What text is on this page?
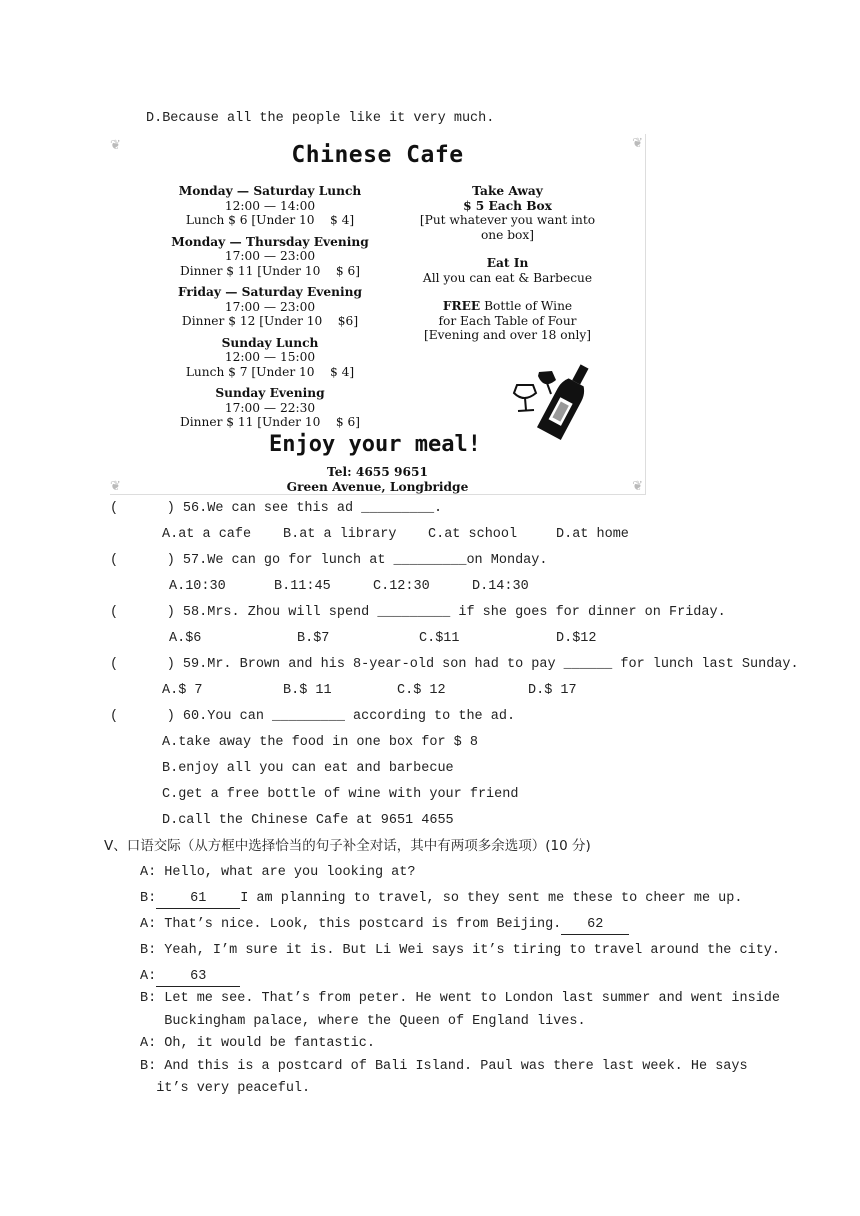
D.Because all the people like it very much.
❦	❦
❦	❦
Chinese Cafe
Monday — Saturday Lunch
12:00 — 14:00
Lunch $ 6 [Under 10    $ 4]
Monday — Thursday Evening
17:00 — 23:00
Dinner $ 11 [Under 10    $ 6]
Friday — Saturday Evening
17:00 — 23:00
Dinner $ 12 [Under 10    $6]
Sunday Lunch
12:00 — 15:00
Lunch $ 7 [Under 10    $ 4]
Sunday Evening
17:00 — 22:30
Dinner $ 11 [Under 10    $ 6]
Take Away
$ 5 Each Box
[Put whatever you want into
one box]
Eat In
All you can eat & Barbecue
FREE Bottle of Wine
for Each Table of Four
[Evening and over 18 only]
Enjoy your meal!
Tel: 4655 9651
Green Avenue, Longbridge
(      ) 56.We can see this ad _________.
A.at a cafe B.at a library C.at school	D.at home
(      ) 57.We can go for lunch at _________on Monday.
A.10:30	B.11:45	C.12:30	D.14:30
(      ) 58.Mrs. Zhou will spend _________ if she goes for dinner on Friday.
A.$6	B.$7	C.$11	D.$12
(      ) 59.Mr. Brown and his 8-year-old son had to pay ______ for lunch last Sunday.
A.$ 7	B.$ 11	C.$ 12	D.$ 17
(      ) 60.You can _________ according to the ad.
A.take away the food in one box for $ 8
B.enjoy all you can eat and barbecue
C.get a free bottle of wine with your friend
D.call the Chinese Cafe at 9651 4655
Ⅴ、口语交际（从方框中选择恰当的句子补全对话，其中有两项多余选项）(10 分)
A: Hello, what are you looking at?
B:	61	I am planning to travel, so they sent me these to cheer me up.
A: That’s nice. Look, this postcard is from Beijing. 62
B: Yeah, I’m sure it is. But Li Wei says it’s tiring to travel around the city.
A:	63
B: Let me see. That’s from peter. He went to London last summer and went inside
Buckingham palace, where the Queen of England lives.
A: Oh, it would be fantastic.
B: And this is a postcard of Bali Island. Paul was there last week. He says
it’s very peaceful.
